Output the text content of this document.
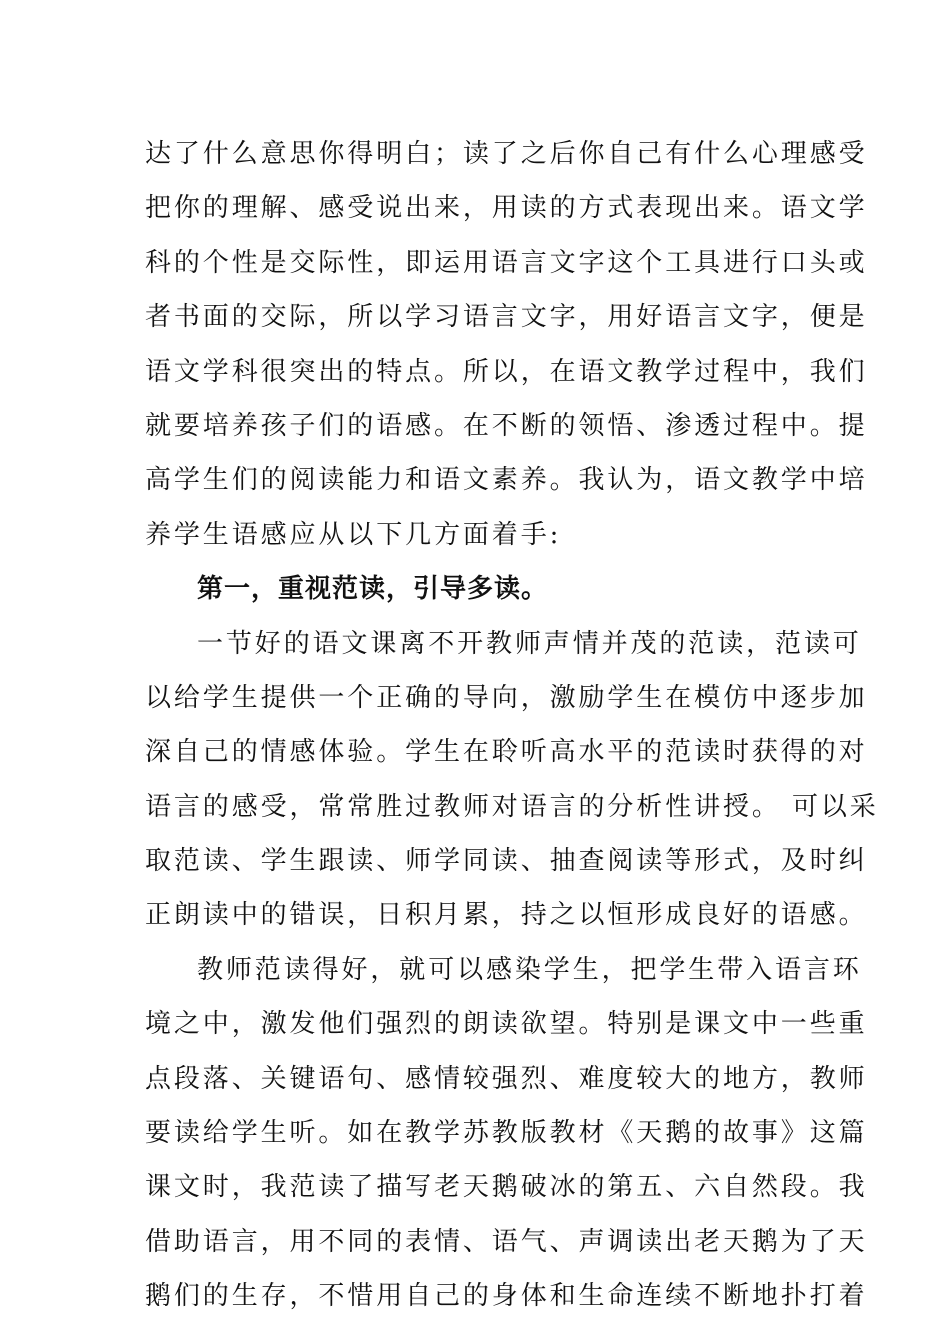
达了什么意思你得明白；读了之后你自己有什么心理感受
把你的理解、感受说出来，用读的方式表现出来。语文学
科的个性是交际性，即运用语言文字这个工具进行口头或
者书面的交际，所以学习语言文字，用好语言文字，便是
语文学科很突出的特点。所以，在语文教学过程中，我们
就要培养孩子们的语感。在不断的领悟、渗透过程中。提
高学生们的阅读能力和语文素养。我认为，语文教学中培
养学生语感应从以下几方面着手:
第一，重视范读，引导多读。
一节好的语文课离不开教师声情并茂的范读，范读可
以给学生提供一个正确的导向，激励学生在模仿中逐步加
深自己的情感体验。学生在聆听高水平的范读时获得的对
语言的感受，常常胜过教师对语言的分析性讲授。 可以采
取范读、学生跟读、师学同读、抽查阅读等形式，及时纠
正朗读中的错误，日积月累，持之以恒形成良好的语感。
教师范读得好，就可以感染学生，把学生带入语言环
境之中，激发他们强烈的朗读欲望。特别是课文中一些重
点段落、关键语句、感情较强烈、难度较大的地方，教师
要读给学生听。如在教学苏教版教材《天鹅的故事》这篇
课文时，我范读了描写老天鹅破冰的第五、六自然段。我
借助语言，用不同的表情、语气、声调读出老天鹅为了天
鹅们的生存，不惜用自己的身体和生命连续不断地扑打着
